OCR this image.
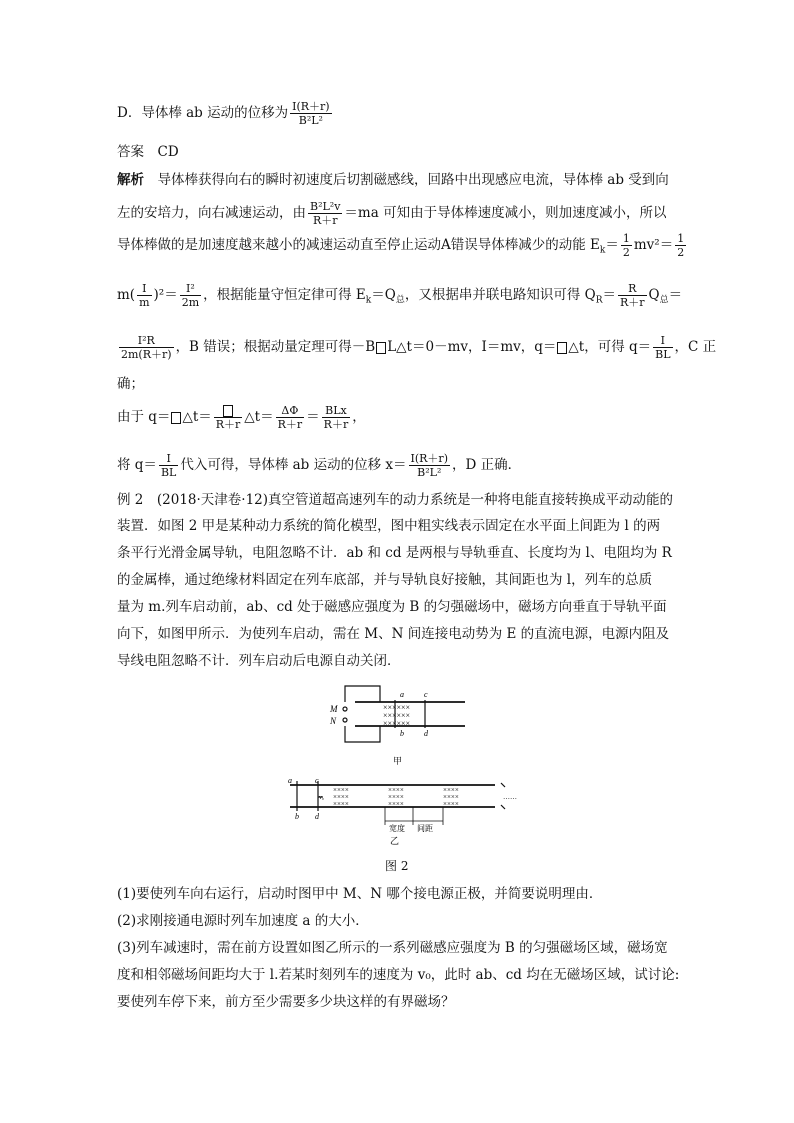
D．导体棒 ab 运动的位移为 $\frac{I(R+r)}{\text{B²L²}}$
答案　 CD
解析　 导体棒获得向右的瞬时初速度后切割磁感线，回路中出现感应电流，导体棒 ab 受到向
左的安培力，向右减速运动，由 $\frac{\text{B²L²v}}{R+r} =ma$ 可知由于导体棒速度减小，则加速度减小，所以
导体棒做的是加速度越来越小的减速运动直至停止运动A错误导体棒减少的动能 $E_k= \frac{1}{2} mv^2= \frac{1}{2}$
$m( \frac{I}{m} )^2= \frac{\text{I²}}{2m}$ ，根据能量守恒定律可得 $E_k=Q_总$，又根据串并联电路知识可得 $Q_R= \frac{R}{R+r} Q_总=$
$\frac{\text{I²R}}{2m(R+r)}$ ，B 错误；根据动量定理可得－B L△t＝0－mv，I＝mv，q＝ △t，可得 $q= \frac{I}{BL}$ ，C 正
确；
由于 q＝ △t＝ R＋r △t＝ $\frac{\Delta\Phi}{R+r} = \frac{\text{BLx}}{R+r}$ ，
将 $q= \frac{I}{BL}$ 代入可得，导体棒 ab 运动的位移 $x= \frac{I(R+r)}{\text{B²L²}}$ ，D 正确．
例 2　(2018·天津卷·12)真空管道超高速列车的动力系统是一种将电能直接转换成平动动能的
装置．如图 2 甲是某种动力系统的简化模型，图中粗实线表示固定在水平面上间距为 l 的两
条平行光滑金属导轨，电阻忽略不计．ab 和 cd 是两根与导轨垂直、长度均为 l、电阻均为 R
的金属棒，通过绝缘材料固定在列车底部，并与导轨良好接触，其间距也为 l，列车的总质
量为 m.列车启动前，ab、cd 处于磁感应强度为 B 的匀强磁场中，磁场方向垂直于导轨平面
向下，如图甲所示．为使列车启动，需在 M、N 间连接电动势为 E 的直流电源，电源内阻及
导线电阻忽略不计．列车启动后电源自动关闭．
M
N
a	c
b	d
××××××
××××××
××××××
甲
a	c
b d
v₀
××××
××××
××××
××××
××××
××××
××××
××××
××××
……
宽度 间距
乙
图 2
(1)要使列车向右运行，启动时图甲中 M、N 哪个接电源正极，并简要说明理由．
(2)求刚接通电源时列车加速度 a 的大小．
(3)列车减速时，需在前方设置如图乙所示的一系列磁感应强度为 B 的匀强磁场区域，磁场宽
度和相邻磁场间距均大于 l.若某时刻列车的速度为 v₀，此时 ab、cd 均在无磁场区域，试讨论:
要使列车停下来，前方至少需要多少块这样的有界磁场？
